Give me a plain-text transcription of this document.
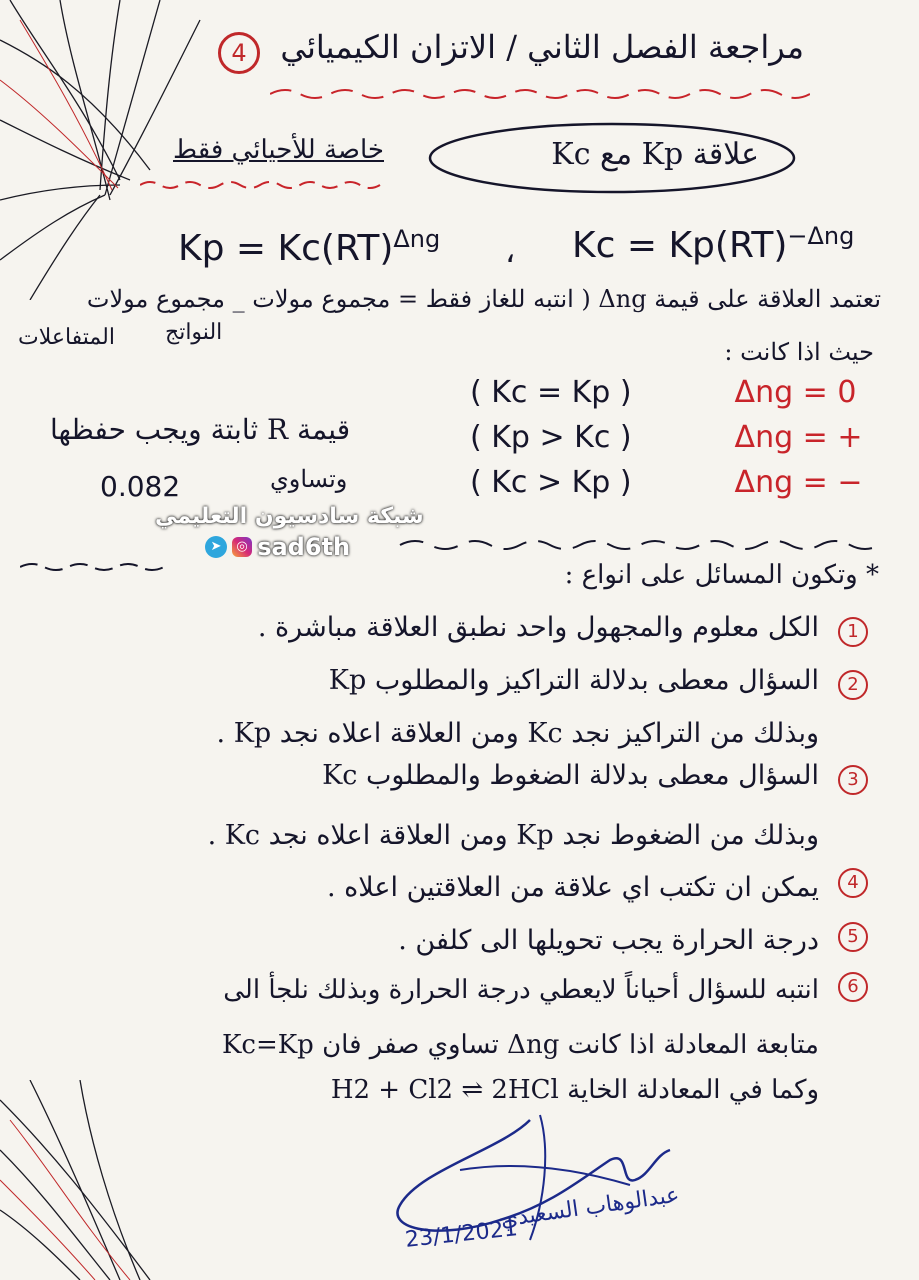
مراجعة الفصل الثاني / الاتزان الكيميائي
4
خاصة للأحيائي فقط	علاقة Kp مع Kc
Kp = Kc(RT)$^{\Delta ng}$ ، Kc = Kp(RT)$^{-\Delta ng}$
تعتمد العلاقة على قيمة Δng ( انتبه للغاز فقط = مجموع مولات _ مجموع مولات
المتفاعلات النواتج
حيث اذا كانت :
( Kc = Kp )	Δng = 0
( Kp > Kc )	Δng = +
( Kc > Kp )	Δng = −
قيمة R ثابتة ويجب حفظها
وتساوي
0.082
شبكة سادسيون التعليمي
➤ ◎ sad6th
* وتكون المسائل على انواع :
1
الكل معلوم والمجهول واحد نطبق العلاقة مباشرة .
2
السؤال معطى بدلالة التراكيز والمطلوب Kp
وبذلك من التراكيز نجد Kc ومن العلاقة اعلاه نجد Kp .
3
السؤال معطى بدلالة الضغوط والمطلوب Kc
وبذلك من الضغوط نجد Kp ومن العلاقة اعلاه نجد Kc .
4
يمكن ان تكتب اي علاقة من العلاقتين اعلاه .
5
درجة الحرارة يجب تحويلها الى كلفن .
6
انتبه للسؤال أحياناً لايعطي درجة الحرارة وبذلك نلجأ الى
متابعة المعادلة اذا كانت Δng تساوي صفر فان Kc=Kp
وكما في المعادلة الخاية H2 + Cl2 ⇌ 2HCl
عبدالوهاب السعيدي
23/1/2021
